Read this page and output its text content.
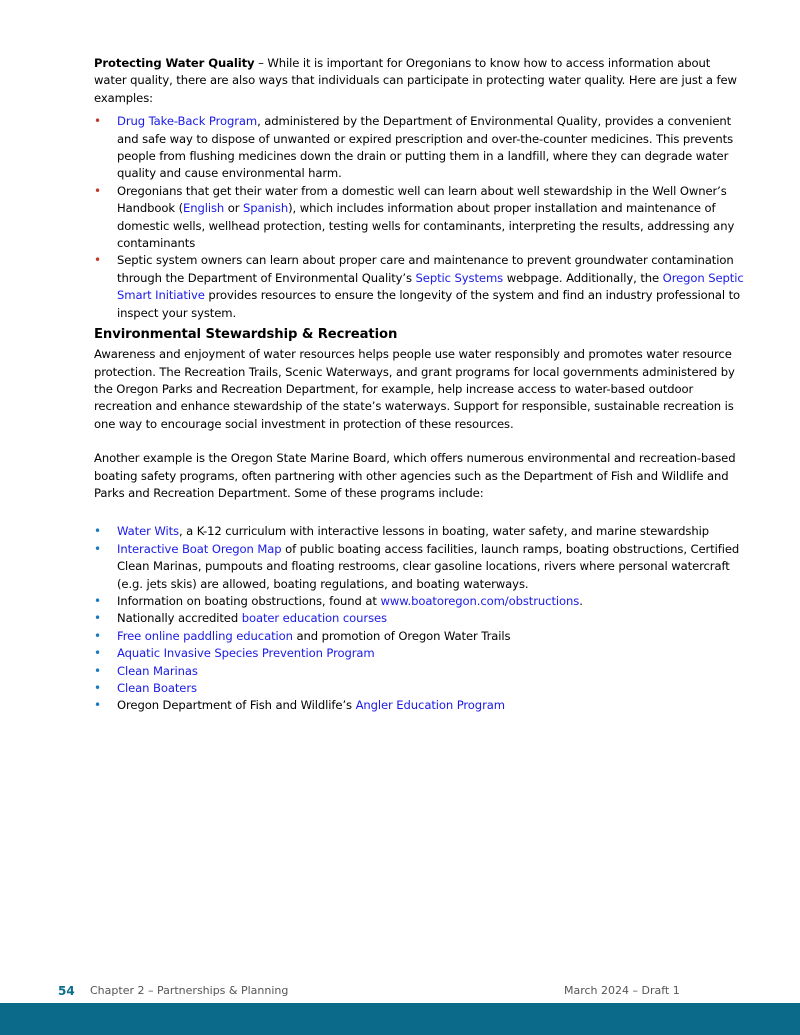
Protecting Water Quality – While it is important for Oregonians to know how to access information about water quality, there are also ways that individuals can participate in protecting water quality. Here are just a few examples:

• Drug Take-Back Program, administered by the Department of Environmental Quality, provides a convenient and safe way to dispose of unwanted or expired prescription and over-the-counter medicines. This prevents people from flushing medicines down the drain or putting them in a landfill, where they can degrade water quality and cause environmental harm.
• Oregonians that get their water from a domestic well can learn about well stewardship in the Well Owner’s Handbook (English or Spanish), which includes information about proper installation and maintenance of domestic wells, wellhead protection, testing wells for contaminants, interpreting the results, addressing any contaminants
• Septic system owners can learn about proper care and maintenance to prevent groundwater contamination through the Department of Environmental Quality’s Septic Systems webpage. Additionally, the Oregon Septic Smart Initiative provides resources to ensure the longevity of the system and find an industry professional to inspect your system.
Environmental Stewardship & Recreation

Awareness and enjoyment of water resources helps people use water responsibly and promotes water resource protection. The Recreation Trails, Scenic Waterways, and grant programs for local governments administered by the Oregon Parks and Recreation Department, for example, help increase access to water-based outdoor recreation and enhance stewardship of the state’s waterways. Support for responsible, sustainable recreation is one way to encourage social investment in protection of these resources.

Another example is the Oregon State Marine Board, which offers numerous environmental and recreation-based boating safety programs, often partnering with other agencies such as the Department of Fish and Wildlife and Parks and Recreation Department. Some of these programs include:

• Water Wits, a K-12 curriculum with interactive lessons in boating, water safety, and marine stewardship
• Interactive Boat Oregon Map of public boating access facilities, launch ramps, boating obstructions, Certified Clean Marinas, pumpouts and floating restrooms, clear gasoline locations, rivers where personal watercraft (e.g. jets skis) are allowed, boating regulations, and boating waterways.
• Information on boating obstructions, found at www.boatoregon.com/obstructions.
• Nationally accredited boater education courses
• Free online paddling education and promotion of Oregon Water Trails
• Aquatic Invasive Species Prevention Program
• Clean Marinas
• Clean Boaters
• Oregon Department of Fish and Wildlife’s Angler Education Program
54 Chapter 2 – Partnerships & Planning	March 2024 – Draft 1
